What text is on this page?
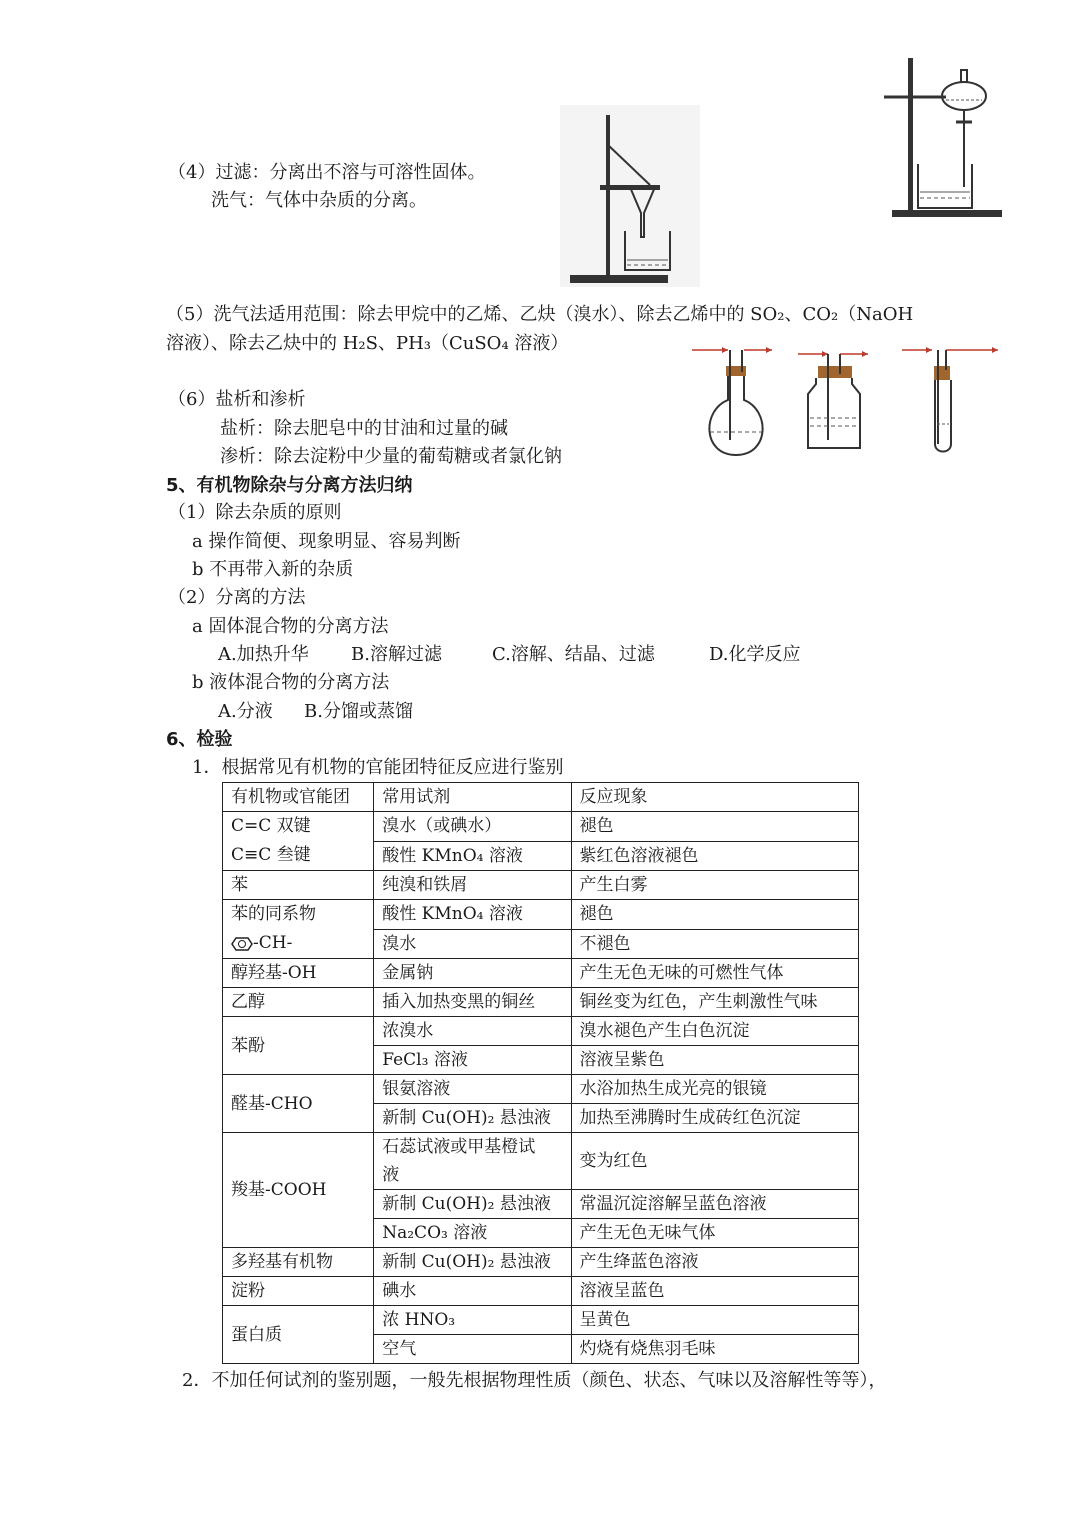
（4）过滤：分离出不溶与可溶性固体。
洗气：气体中杂质的分离。
（5）洗气法适用范围：除去甲烷中的乙烯、乙炔（溴水）、除去乙烯中的 SO₂、CO₂（NaOH
溶液）、除去乙炔中的 H₂S、PH₃（CuSO₄ 溶液）
（6）盐析和渗析
盐析：除去肥皂中的甘油和过量的碱
渗析：除去淀粉中少量的葡萄糖或者氯化钠
5、有机物除杂与分离方法归纳
（1）除去杂质的原则
a 操作简便、现象明显、容易判断
b 不再带入新的杂质
（2）分离的方法
a 固体混合物的分离方法
A.加热升华 B.溶解过滤	C.溶解、结晶、过滤	D.化学反应
b 液体混合物的分离方法
A.分液 B.分馏或蒸馏
6、检验
1．根据常见有机物的官能团特征反应进行鉴别
有机物或官能团	常用试剂	反应现象

C=C 双键
C≡C 叁键	溴水（或碘水）	褪色
	酸性 KMnO₄ 溶液	紫红色溶液褪色
苯	纯溴和铁屑	产生白雾

苯的同系物
-CH-	酸性 KMnO₄ 溶液	褪色
	溴水	不褪色
醇羟基-OH	金属钠	产生无色无味的可燃性气体
乙醇	插入加热变黑的铜丝	铜丝变为红色，产生刺激性气味
苯酚	浓溴水	溴水褪色产生白色沉淀
	FeCl₃ 溶液	溶液呈紫色
醛基-CHO	银氨溶液	水浴加热生成光亮的银镜
	新制 Cu(OH)₂ 悬浊液	加热至沸腾时生成砖红色沉淀
羧基-COOH	石蕊试液或甲基橙试
液	变为红色
	新制 Cu(OH)₂ 悬浊液	常温沉淀溶解呈蓝色溶液
	Na₂CO₃ 溶液	产生无色无味气体
多羟基有机物	新制 Cu(OH)₂ 悬浊液	产生绛蓝色溶液
淀粉	碘水	溶液呈蓝色
蛋白质	浓 HNO₃	呈黄色
	空气	灼烧有烧焦羽毛味
2．不加任何试剂的鉴别题，一般先根据物理性质（颜色、状态、气味以及溶解性等等），
